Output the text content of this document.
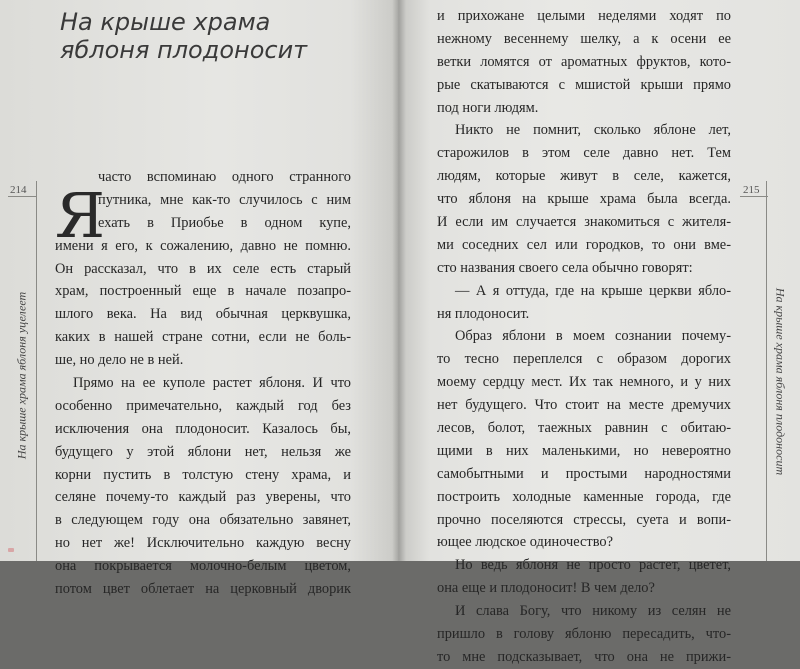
На крыше храма
яблоня плодоносит
214
На крыше храма яблоня уцелеет
Я
часто вспоминаю одного странного
путника, мне как-то случилось с ним
ехать в Приобье в одном купе,
имени я его, к сожалению, давно не помню.
Он рассказал, что в их селе есть старый
храм, построенный еще в начале позапро-
шлого века. На вид обычная церквушка,
каких в нашей стране сотни, если не боль-
ше, но дело не в ней.
Прямо на ее куполе растет яблоня. И что
особенно примечательно, каждый год без
исключения она плодоносит. Казалось бы,
будущего у этой яблони нет, нельзя же
корни пустить в толстую стену храма, и
селяне почему-то каждый раз уверены, что
в следующем году она обязательно завянет,
но нет же! Исключительно каждую весну
она покрывается молочно-белым цветом,
потом цвет облетает на церковный дворик
215
На крыше храма яблоня плодоносит
и прихожане целыми неделями ходят по
нежному весеннему шелку, а к осени ее
ветки ломятся от ароматных фруктов, кото-
рые скатываются с мшистой крыши прямо
под ноги людям.
Никто не помнит, сколько яблоне лет,
старожилов в этом селе давно нет. Тем
людям, которые живут в селе, кажется,
что яблоня на крыше храма была всегда.
И если им случается знакомиться с жителя-
ми соседних сел или городков, то они вме-
сто названия своего села обычно говорят:
— А я оттуда, где на крыше церкви ябло-
ня плодоносит.
Образ яблони в моем сознании почему-
то тесно переплелся с образом дорогих
моему сердцу мест. Их так немного, и у них
нет будущего. Что стоит на месте дремучих
лесов, болот, таежных равнин с обитаю-
щими в них маленькими, но невероятно
самобытными и простыми народностями
построить холодные каменные города, где
прочно поселяются стрессы, суета и вопи-
ющее людское одиночество?
Но ведь яблоня не просто растет, цветет,
она еще и плодоносит! В чем дело?
И слава Богу, что никому из селян не
пришло в голову яблоню пересадить, что-
то мне подсказывает, что она не прижи-
